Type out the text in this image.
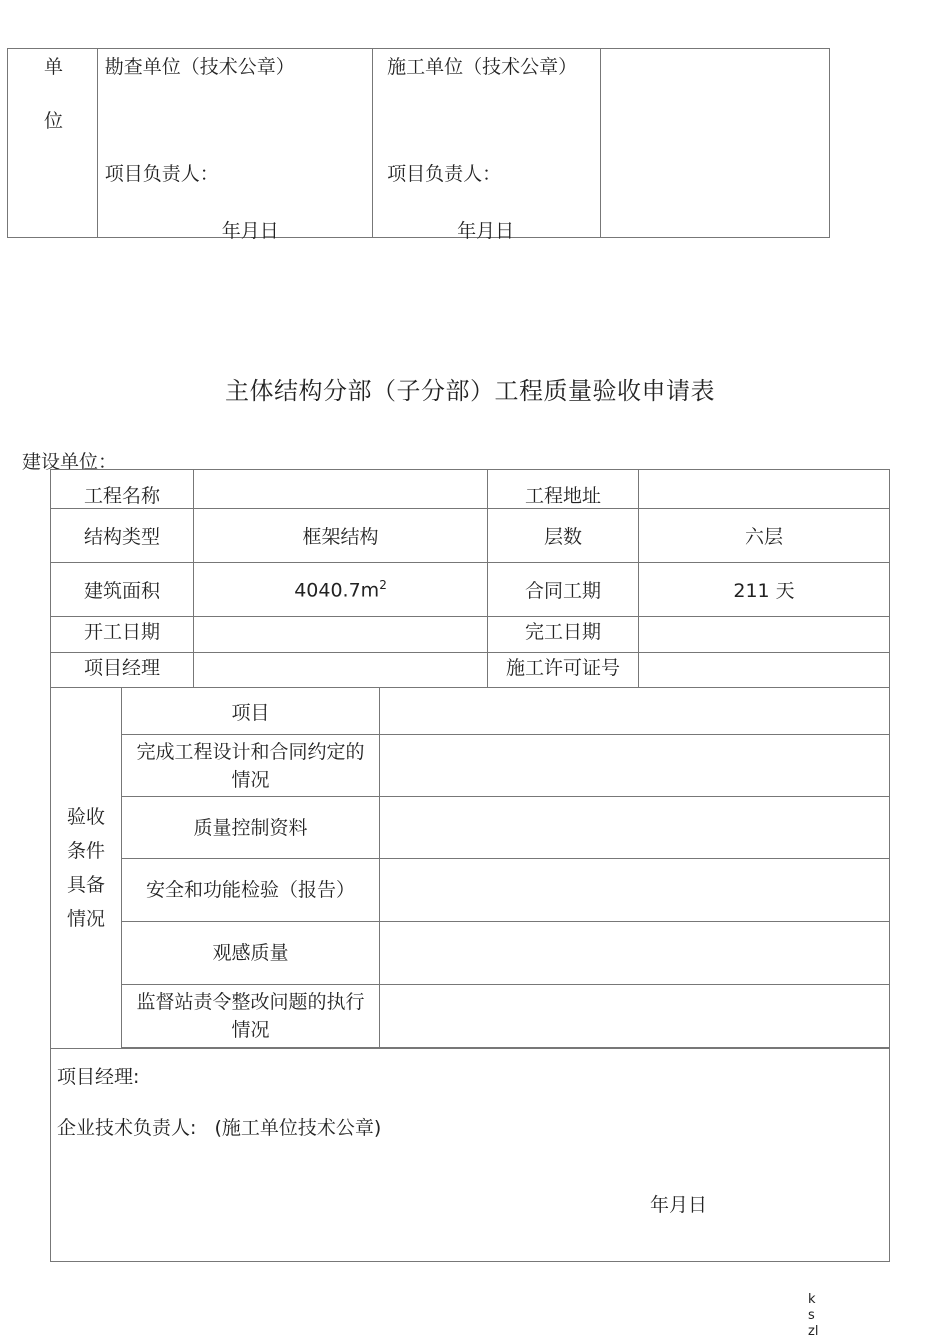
单
位

勘查单位（技术公章）
项目负责人：
年月日

施工单位（技术公章）
项目负责人：
年月日

主体结构分部（子分部）工程质量验收申请表
建设单位：
工程名称				工程地址	
结构类型		框架结构		层数	六层
建筑面积		$4040.7m^2$		合同工期	211 天
开工日期				完工日期	
项目经理				施工许可证号	

验收
条件
具备
情况	项目				

	完成工程设计和合同约定的
情况				

	质量控制资料				

	安全和功能检验（报告）				

	观感质量				

	监督站责令整改问题的执行
情况				

项目经理:
企业技术负责人:   (施工单位技术公章)
年月日					
k
s
zl
